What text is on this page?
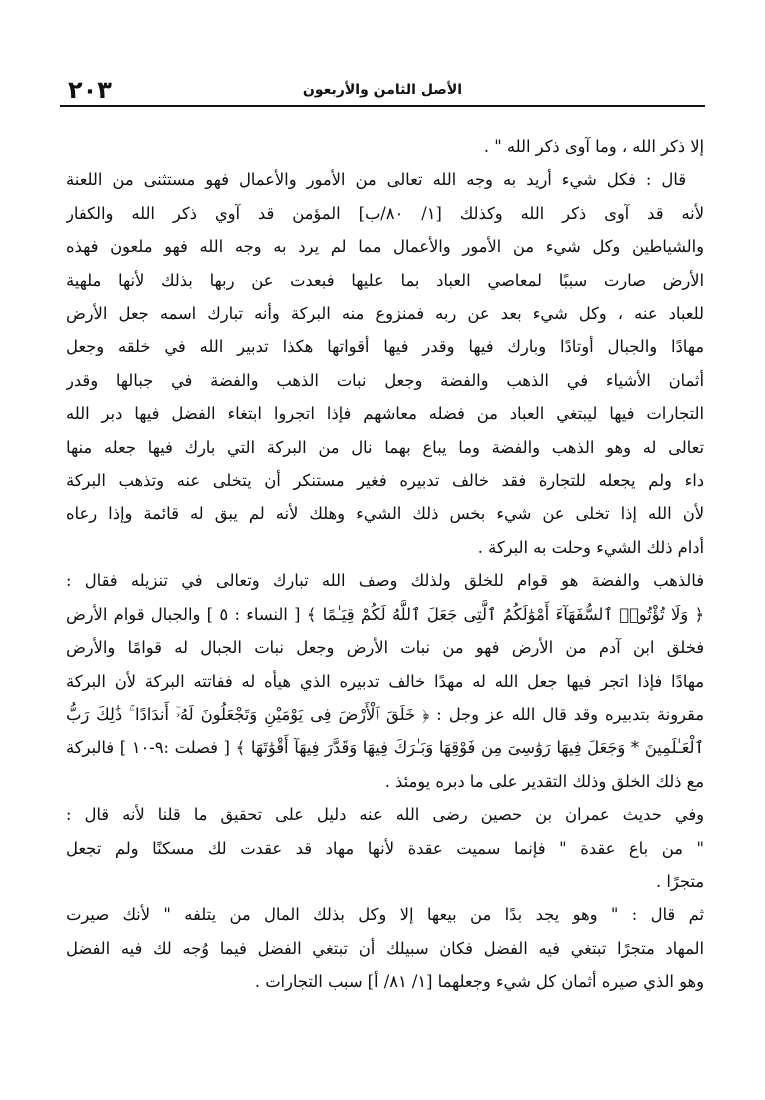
٢٠٣	الأصل الثامن والأربعون
إلا ذكر الله ، وما آوى ذكر الله " .
قال : فكل شيء أريد به وجه الله تعالى من الأمور والأعمال فهو مستثنى من اللعنة
لأنه قد آوى ذكر الله وكذلك [١/ ٨٠/ب] المؤمن قد آوي ذكر الله والكفار
والشياطين وكل شيء من الأمور والأعمال مما لم يرد به وجه الله فهو ملعون فهذه
الأرض صارت سببًا لمعاصي العباد بما عليها فبعدت عن ربها بذلك لأنها ملهية
للعباد عنه ، وكل شيء بعد عن ربه فمنزوع منه البركة وأنه تبارك اسمه جعل الأرض
مهادًا والجبال أوتادًا وبارك فيها وقدر فيها أقواتها هكذا تدبير الله في خلقه وجعل
أثمان الأشياء في الذهب والفضة وجعل نبات الذهب والفضة في جبالها وقدر
التجارات فيها ليبتغي العباد من فضله معاشهم فإذا اتجروا ابتغاء الفضل فيها دبر الله
تعالى له وهو الذهب والفضة وما يباع بهما نال من البركة التي بارك فيها جعله منها
داء ولم يجعله للتجارة فقد خالف تدبيره فغير مستنكر أن يتخلى عنه وتذهب البركة
لأن الله إذا تخلى عن شيء بخس ذلك الشيء وهلك لأنه لم يبق له قائمة وإذا رعاه
أدام ذلك الشيء وحلت به البركة .
فالذهب والفضة هو قوام للخلق ولذلك وصف الله تبارك وتعالى في تنزيله فقال :
﴿ وَلَا تُؤْتُوا۟ ٱلسُّفَهَآءَ أَمْوَٰلَكُمُ ٱلَّتِى جَعَلَ ٱللَّهُ لَكُمْ قِيَـٰمًا ﴾ [ النساء : ٥ ] والجبال قوام الأرض
فخلق ابن آدم من الأرض فهو من نبات الأرض وجعل نبات الجبال له قوامًا والأرض
مهادًا فإذا اتجر فيها جعل الله له مهدًا خالف تدبيره الذي هيأه له ففاتته البركة لأن البركة
مقرونة بتدبيره وقد قال الله عز وجل : ﴿ خَلَقَ ٱلْأَرْضَ فِى يَوْمَيْنِ وَتَجْعَلُونَ لَهُۥٓ أَندَادًا ۚ ذَٰلِكَ رَبُّ
ٱلْعَـٰلَمِينَ * وَجَعَلَ فِيهَا رَوَٰسِىَ مِن فَوْقِهَا وَبَـٰرَكَ فِيهَا وَقَدَّرَ فِيهَآ أَقْوَٰتَهَا ﴾ [ فصلت :٩-١٠ ] فالبركة
مع ذلك الخلق وذلك التقدير على ما دبره يومئذ .
وفي حديث عمران بن حصين رضى الله عنه دليل على تحقيق ما قلنا لأنه قال :
" من باع عقدة " فإنما سميت عقدة لأنها مهاد قد عقدت لك مسكنًا ولم تجعل
متجرًا .
ثم قال : " وهو يجد بدًا من بيعها إلا وكل بذلك المال من يتلفه " لأنك صيرت
المهاد متجرًا تبتغي فيه الفضل فكان سبيلك أن تبتغي الفضل فيما وُجه لك فيه الفضل
وهو الذي صيره أثمان كل شيء وجعلهما [١/ ٨١/ أ] سبب التجارات .
